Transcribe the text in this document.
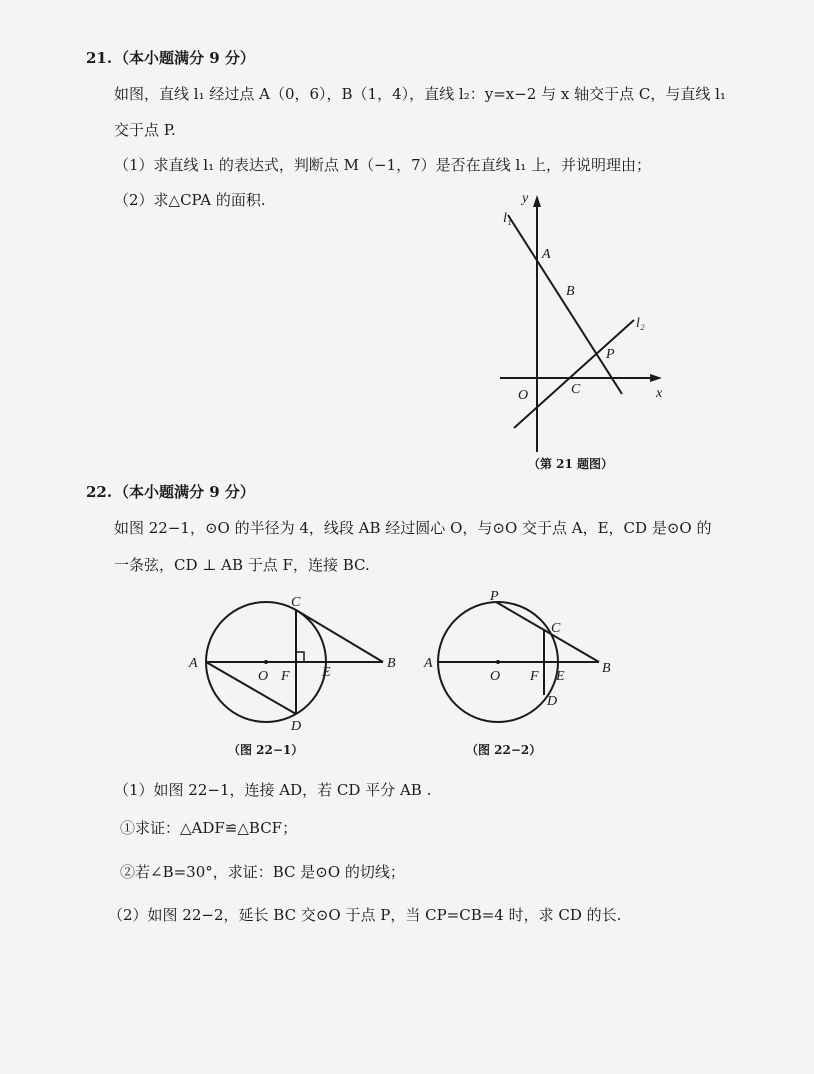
21. （本小题满分 9 分）
如图，直线 l₁ 经过点 A（0，6），B（1，4），直线 l₂：y=x−2 与 x 轴交于点 C，与直线 l₁
交于点 P.
（1）求直线 l₁ 的表达式，判断点 M（−1，7）是否在直线 l₁ 上，并说明理由；
（2）求△CPA 的面积.	y
x
O
A
B
C
P
l₁
l₂
（第 21 题图）
22. （本小题满分 9 分）
如图 22−1，⊙O 的半径为 4，线段 AB 经过圆心 O，与⊙O 交于点 A，E，CD 是⊙O 的
一条弦，CD ⊥ AB 于点 F，连接 BC.
A
O F E
B
C
D
（图 22−1）
A
O F E
B
C
D
P
（图 22−2）
（1）如图 22−1，连接 AD，若 CD 平分 AB .
①求证：△ADF≌△BCF；
②若∠B=30°，求证：BC 是⊙O 的切线；
（2）如图 22−2，延长 BC 交⊙O 于点 P，当 CP=CB=4 时，求 CD 的长.
